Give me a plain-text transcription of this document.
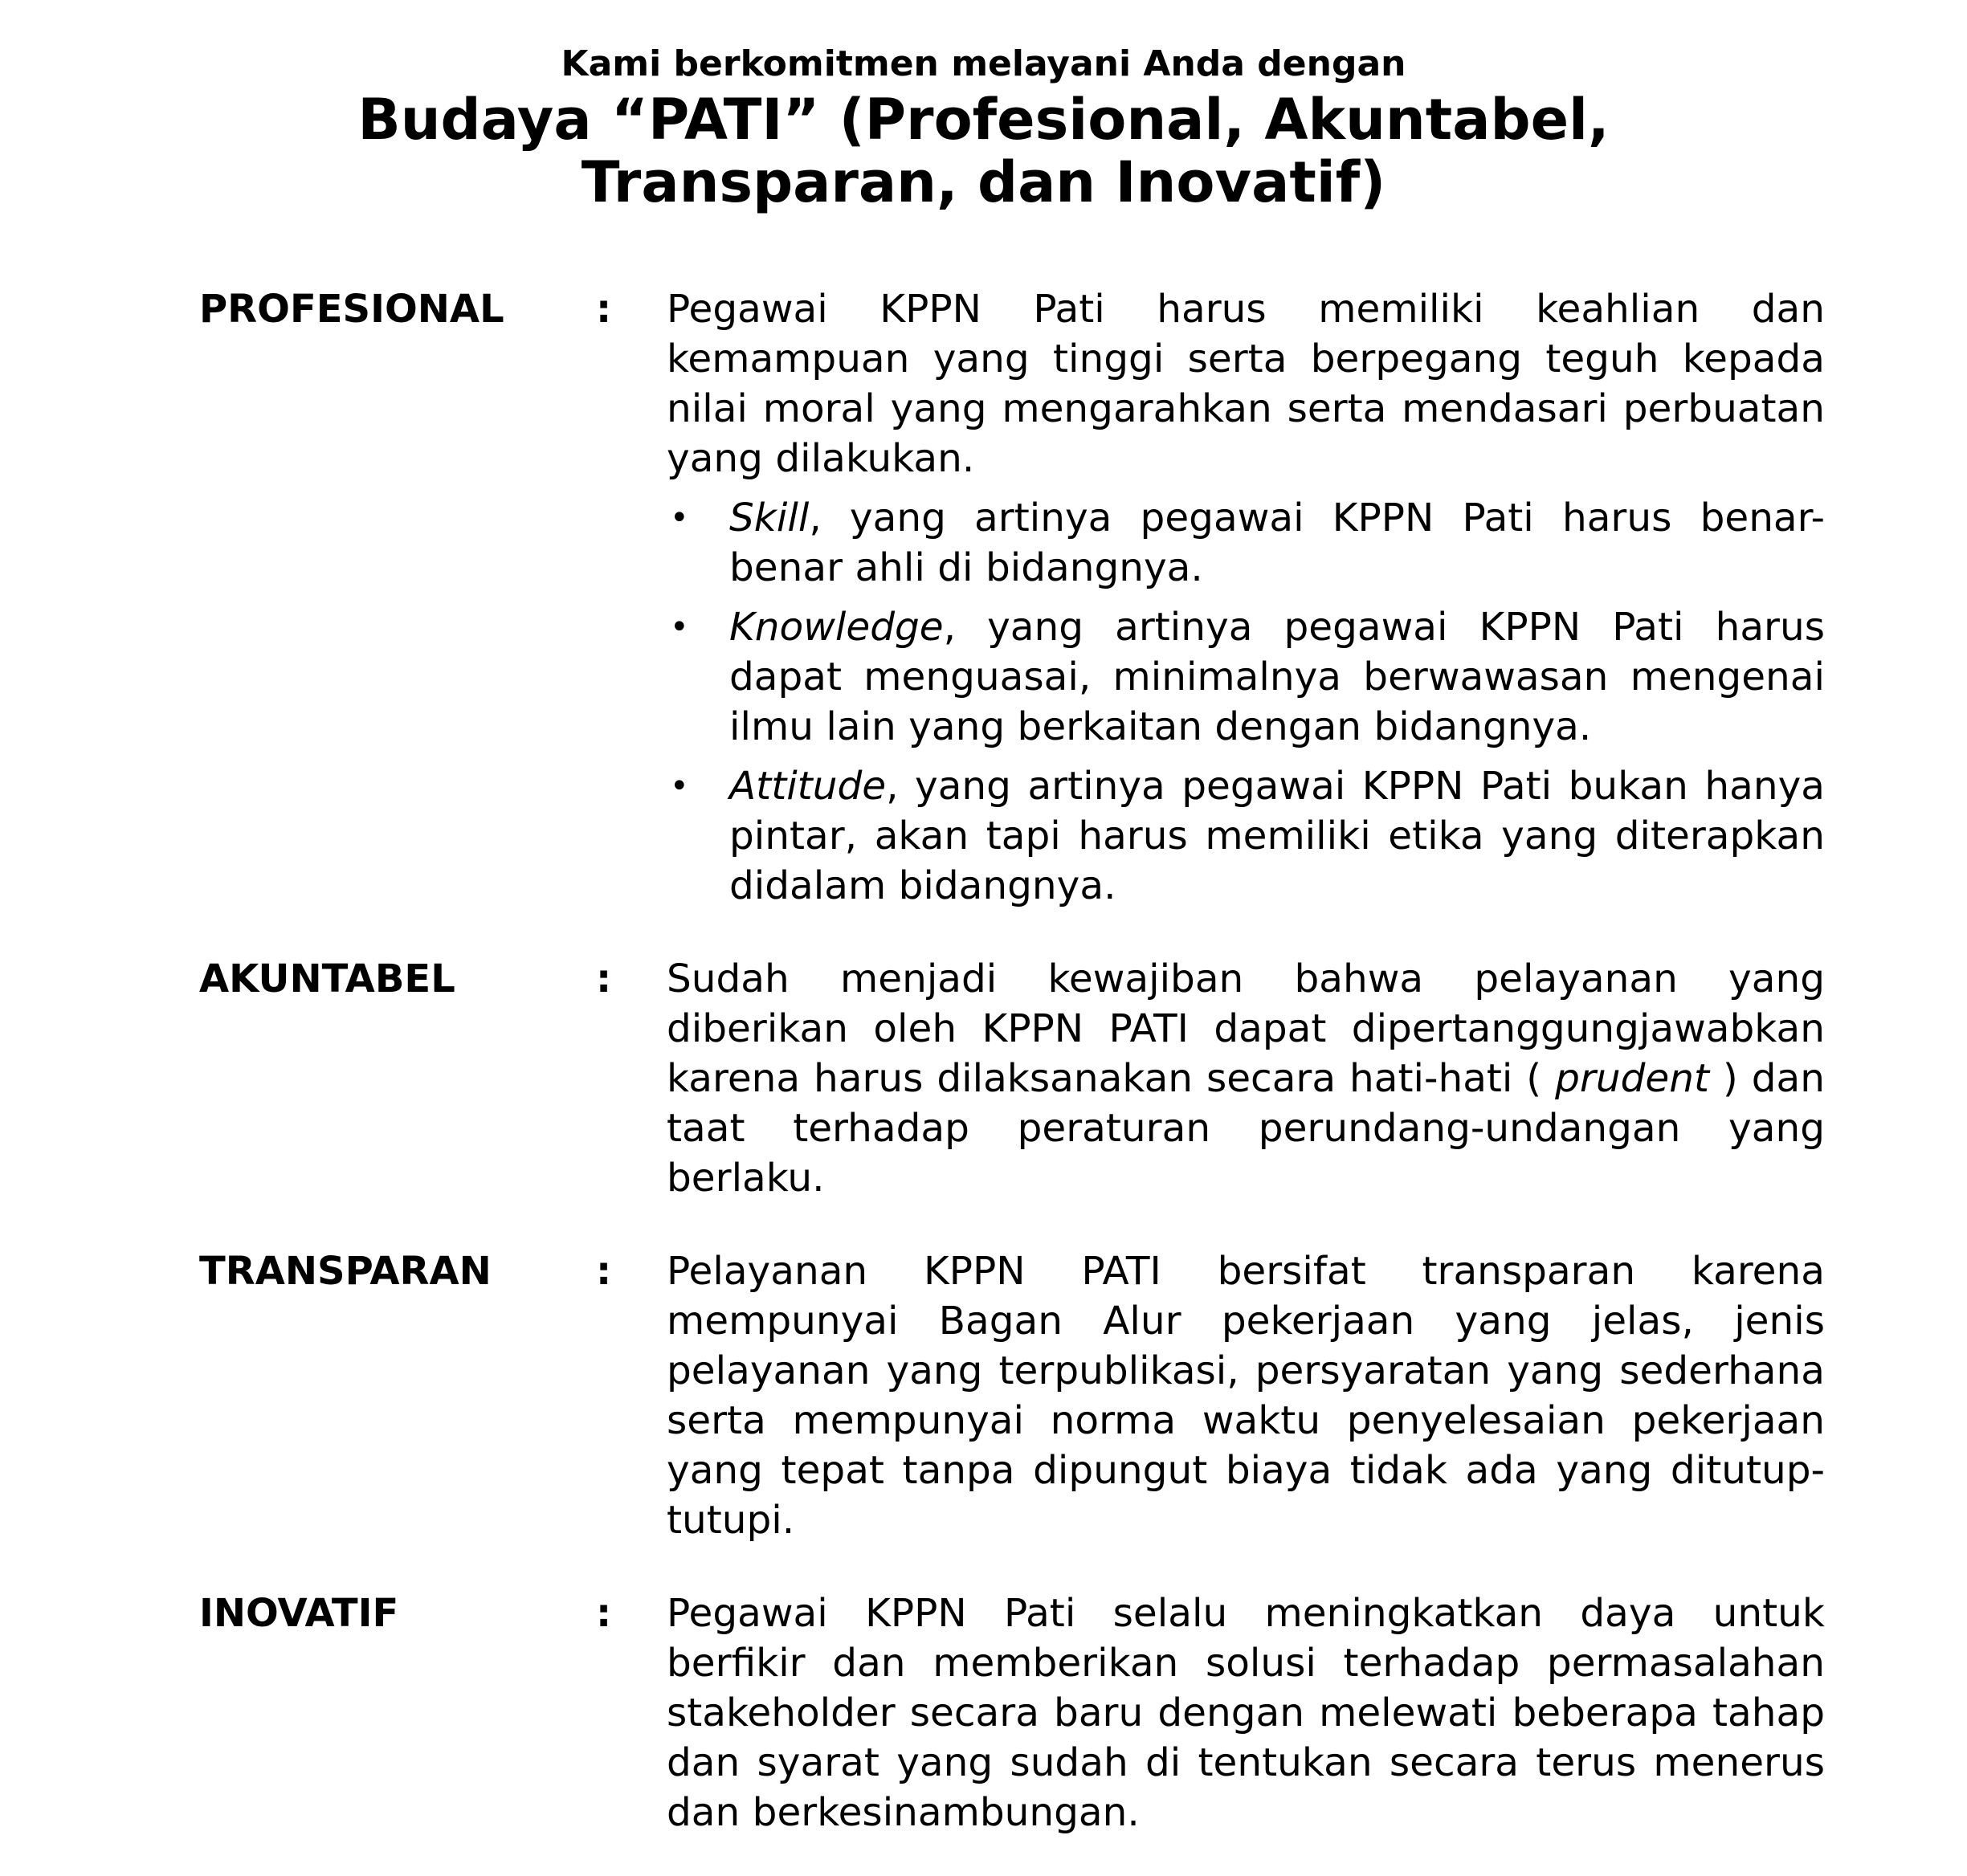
Kami berkomitmen melayani Anda dengan
Budaya “PATI” (Profesional, Akuntabel,
Transparan, dan Inovatif)
PROFESIONAL : Pegawai KPPN Pati harus memiliki keahlian dan kemampuan yang tinggi serta berpegang teguh kepada nilai moral yang mengarahkan serta mendasari perbuatan yang dilakukan.

• Skill, yang artinya pegawai KPPN Pati harus benar-benar ahli di bidangnya.
• Knowledge, yang artinya pegawai KPPN Pati harus dapat menguasai, minimalnya berwawasan mengenai ilmu lain yang berkaitan dengan bidangnya.
• Attitude, yang artinya pegawai KPPN Pati bukan hanya pintar, akan tapi harus memiliki etika yang diterapkan didalam bidangnya.
AKUNTABEL	: Sudah menjadi kewajiban bahwa pelayanan yang diberikan oleh KPPN PATI dapat dipertanggungjawabkan karena harus dilaksanakan secara hati-hati ( prudent ) dan taat terhadap peraturan perundang-undangan yang berlaku.

TRANSPARAN	: Pelayanan KPPN PATI bersifat transparan karena mempunyai Bagan Alur pekerjaan yang jelas, jenis pelayanan yang terpublikasi, persyaratan yang sederhana serta mempunyai norma waktu penyelesaian pekerjaan yang tepat tanpa dipungut biaya tidak ada yang ditutup-tutupi.

INOVATIF	: Pegawai KPPN Pati selalu meningkatkan daya untuk berfikir dan memberikan solusi terhadap permasalahan stakeholder secara baru dengan melewati beberapa tahap dan syarat yang sudah di tentukan secara terus menerus dan berkesinambungan.
